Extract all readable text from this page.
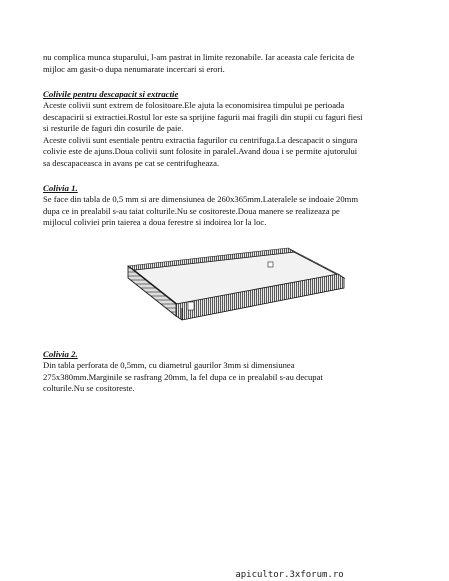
nu complica munca stuparului, l-am pastrat in limite rezonabile. Iar aceasta cale fericita de
mijloc am gasit-o dupa nenumarate incercari si erori.
Colivile pentru descapacit si extractie
Aceste colivii sunt extrem de folositoare.Ele ajuta la economisirea timpului pe perioada
descapacirii si extractiei.Rostul lor este sa sprijine fagurii mai fragili din stupii cu faguri fiesi
si resturile de faguri din cosurile de paie.
Aceste colivii sunt esentiale pentru extractia fagurilor cu centrifuga.La descapacit o singura
colivie este de ajuns.Doua colivii sunt folosite in paralel.Avand doua i se permite ajutorului
sa descapaceasca in avans pe cat se centrifugheaza.
Colivia 1.
Se face din tabla de 0,5 mm si are dimensiunea de 260x365mm.Lateralele se indoaie 20mm
dupa ce in prealabil s-au taiat colturile.Nu se cositoreste.Doua manere se realizeaza pe
mijlocul coliviei prin taierea a doua ferestre si indoirea lor la loc.
Colivia 2.
Din tabla perforata de 0,5mm, cu diametrul gaurilor 3mm si dimensiunea
275x380mm.Marginile se rasfrang 20mm, la fel dupa ce in prealabil s-au decupat
colturile.Nu se cositoreste.
apicultor.3xforum.ro
